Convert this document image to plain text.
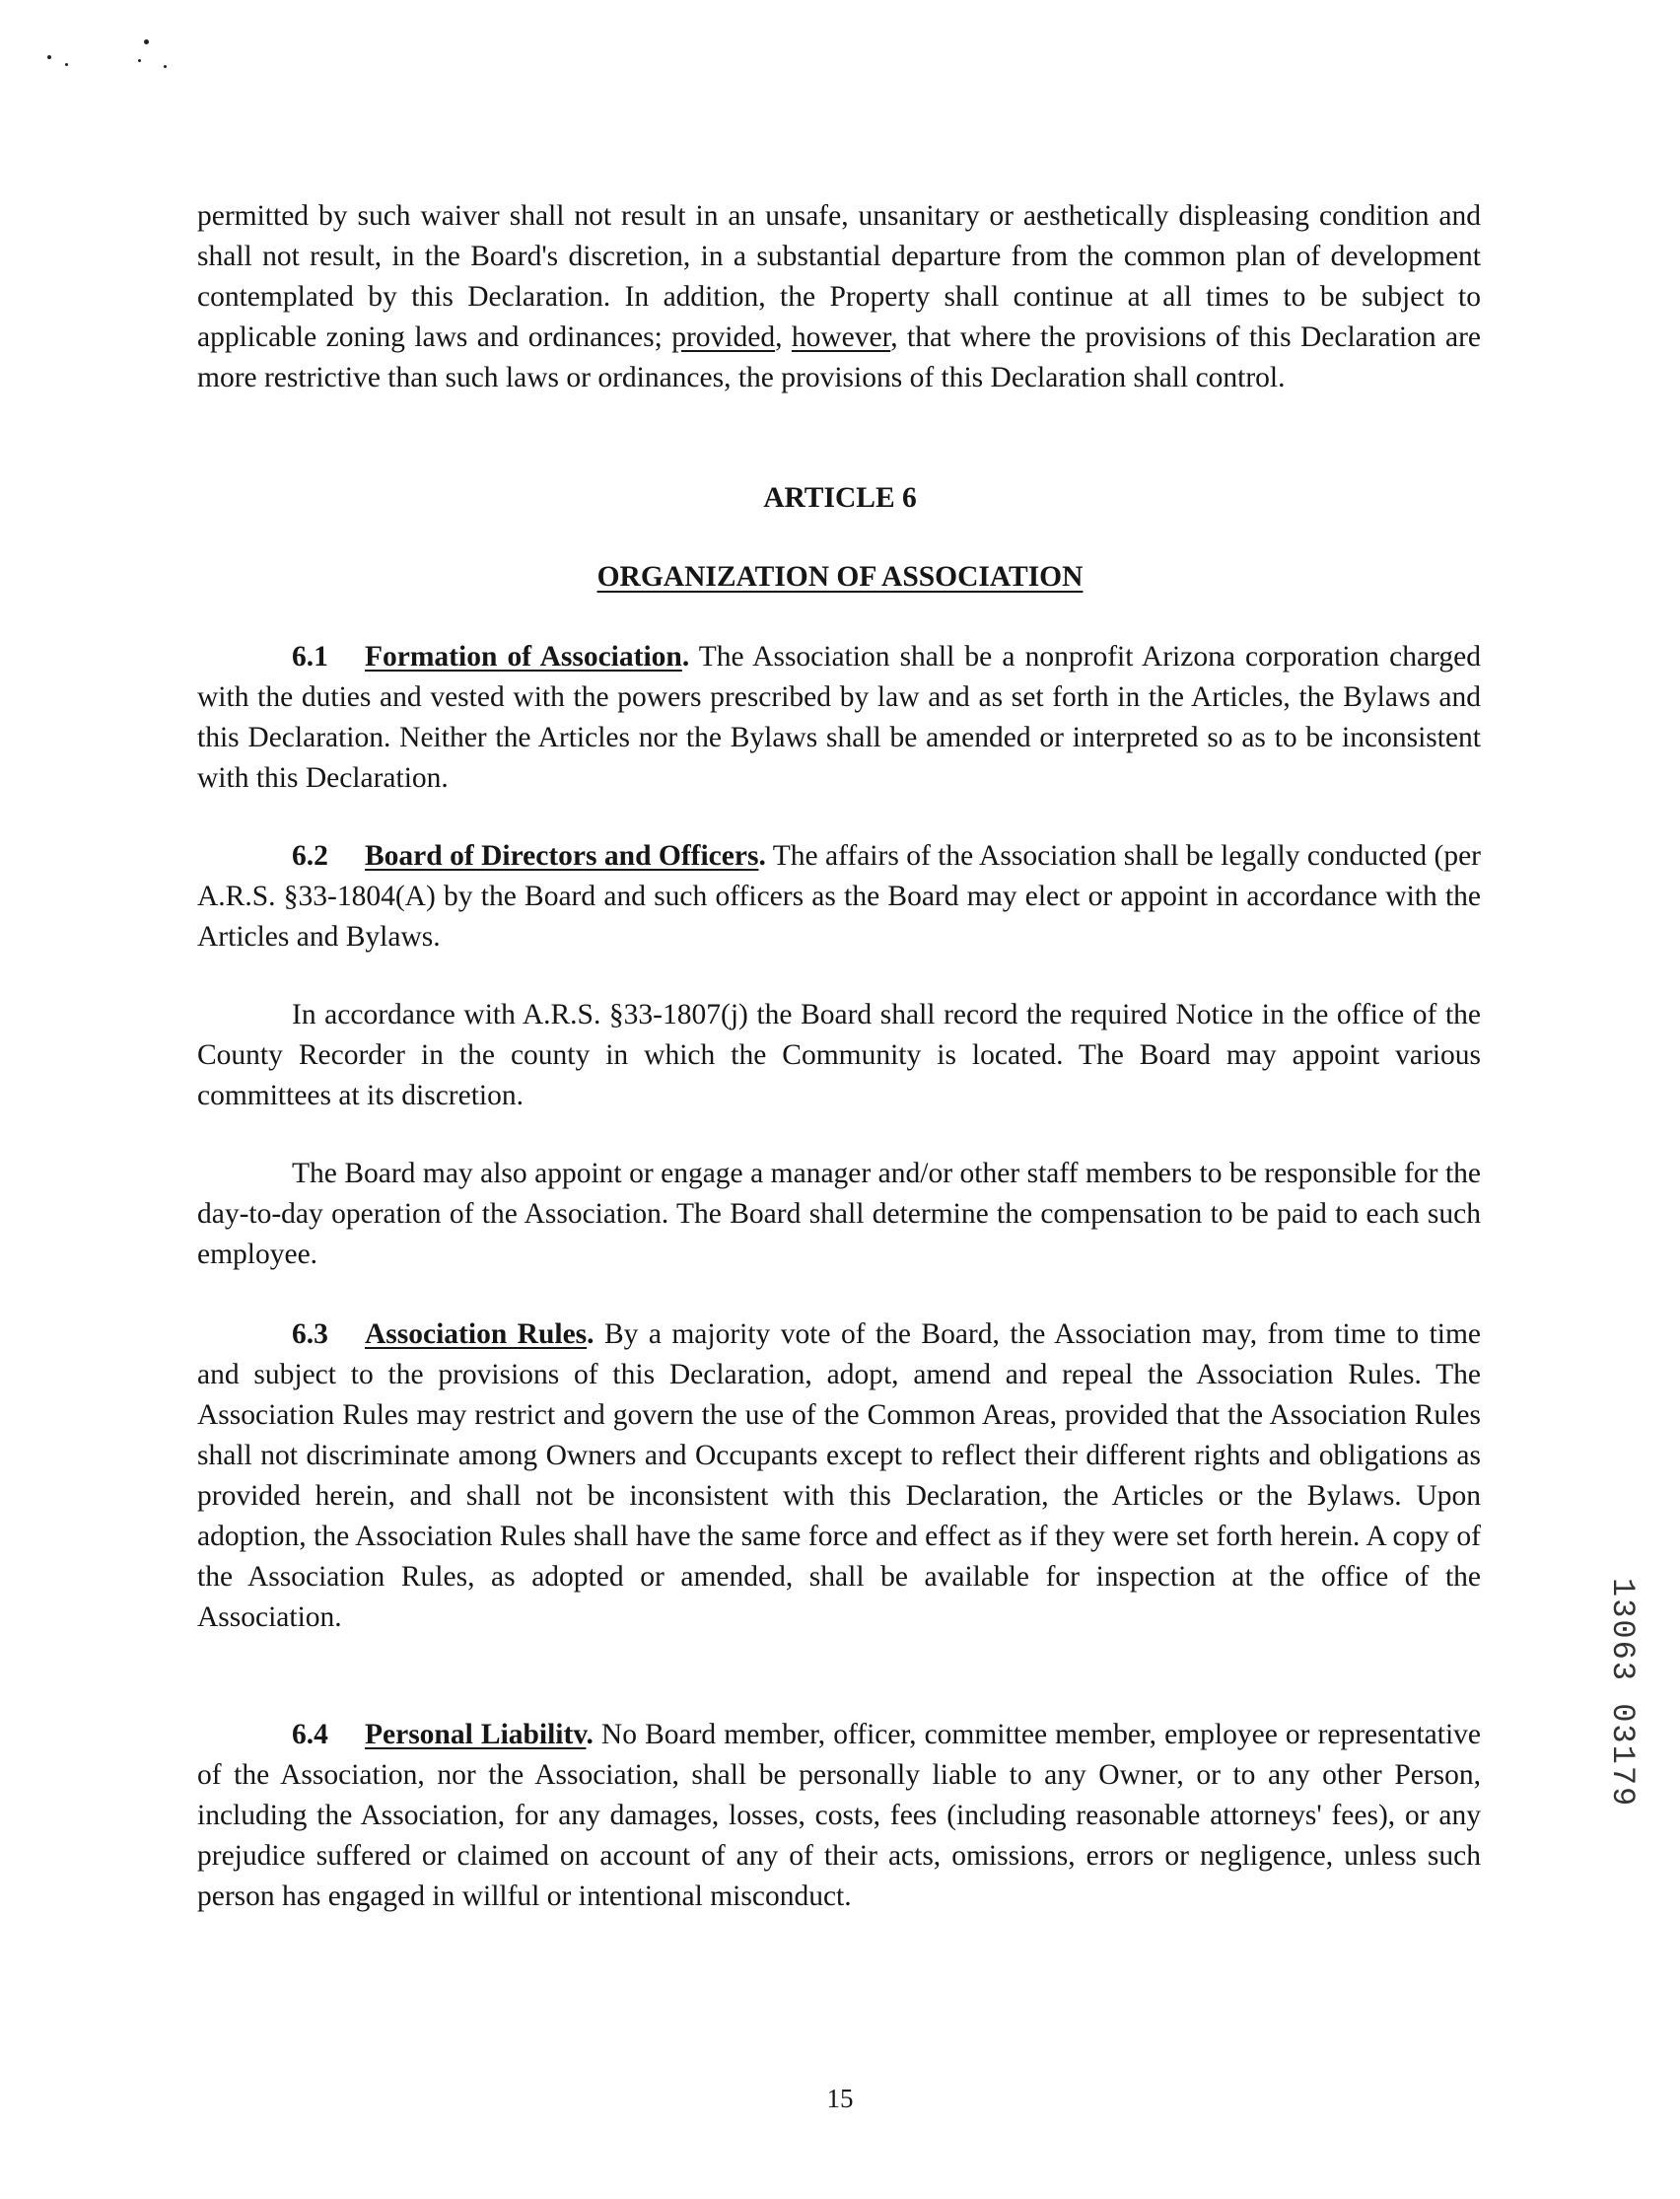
permitted by such waiver shall not result in an unsafe, unsanitary or aesthetically displeasing condition and shall not result, in the Board's discretion, in a substantial departure from the common plan of development contemplated by this Declaration. In addition, the Property shall continue at all times to be subject to applicable zoning laws and ordinances; provided, however, that where the provisions of this Declaration are more restrictive than such laws or ordinances, the provisions of this Declaration shall control.

ARTICLE 6

ORGANIZATION OF ASSOCIATION

6.1 Formation of Association. The Association shall be a nonprofit Arizona corporation charged with the duties and vested with the powers prescribed by law and as set forth in the Articles, the Bylaws and this Declaration. Neither the Articles nor the Bylaws shall be amended or interpreted so as to be inconsistent with this Declaration.

6.2 Board of Directors and Officers. The affairs of the Association shall be legally conducted (per A.R.S. §33-1804(A) by the Board and such officers as the Board may elect or appoint in accordance with the Articles and Bylaws.

In accordance with A.R.S. §33-1807(j) the Board shall record the required Notice in the office of the County Recorder in the county in which the Community is located. The Board may appoint various committees at its discretion.

The Board may also appoint or engage a manager and/or other staff members to be responsible for the day-to-day operation of the Association. The Board shall determine the compensation to be paid to each such employee.

6.3 Association Rules. By a majority vote of the Board, the Association may, from time to time and subject to the provisions of this Declaration, adopt, amend and repeal the Association Rules. The Association Rules may restrict and govern the use of the Common Areas, provided that the Association Rules shall not discriminate among Owners and Occupants except to reflect their different rights and obligations as provided herein, and shall not be inconsistent with this Declaration, the Articles or the Bylaws. Upon adoption, the Association Rules shall have the same force and effect as if they were set forth herein. A copy of the Association Rules, as adopted or amended, shall be available for inspection at the office of the Association.

6.4 Personal Liabilitv. No Board member, officer, committee member, employee or representative of the Association, nor the Association, shall be personally liable to any Owner, or to any other Person, including the Association, for any damages, losses, costs, fees (including reasonable attorneys' fees), or any prejudice suffered or claimed on account of any of their acts, omissions, errors or negligence, unless such person has engaged in willful or intentional misconduct.

13063 03179
15
